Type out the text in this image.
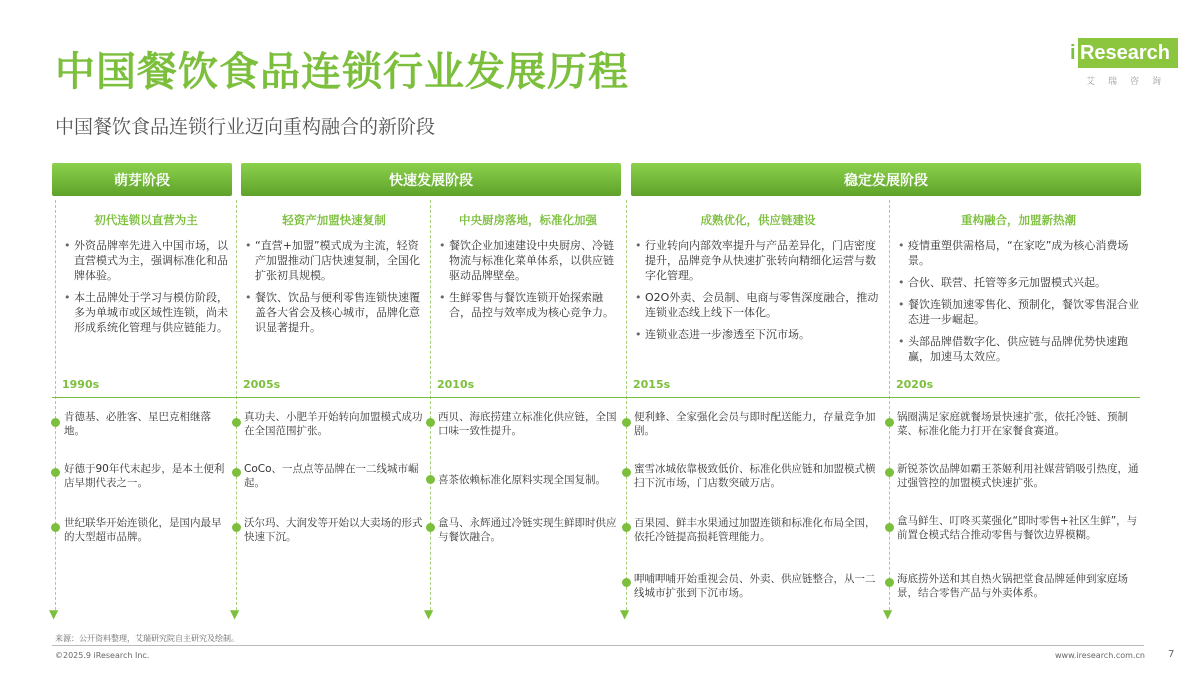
中国餐饮食品连锁行业发展历程
中国餐饮食品连锁行业迈向重构融合的新阶段
i Research
艾瑞咨询
萌芽阶段	快速发展阶段	稳定发展阶段
▼	▼	▼	▼	▼
初代连锁以直营为主
• 外资品牌率先进入中国市场，以直营模式为主，强调标准化和品牌体验。
• 本土品牌处于学习与模仿阶段，多为单城市或区域性连锁，尚未形成系统化管理与供应链能力。
轻资产加盟快速复制
• “直营+加盟”模式成为主流，轻资产加盟推动门店快速复制，全国化扩张初具规模。
• 餐饮、饮品与便利零售连锁快速覆盖各大省会及核心城市，品牌化意识显著提升。
中央厨房落地，标准化加强
• 餐饮企业加速建设中央厨房、冷链物流与标准化菜单体系，以供应链驱动品牌壁垒。
• 生鲜零售与餐饮连锁开始探索融合，品控与效率成为核心竞争力。
成熟优化，供应链建设
• 行业转向内部效率提升与产品差异化，门店密度提升，品牌竞争从快速扩张转向精细化运营与数字化管理。
• O2O外卖、会员制、电商与零售深度融合，推动连锁业态线上线下一体化。
• 连锁业态进一步渗透至下沉市场。
重构融合，加盟新热潮
• 疫情重塑供需格局，“在家吃”成为核心消费场景。
• 合伙、联营、托管等多元加盟模式兴起。
• 餐饮连锁加速零售化、预制化，餐饮零售混合业态进一步崛起。
• 头部品牌借数字化、供应链与品牌优势快速跑赢，加速马太效应。
1990s	2005s	2010s	2015s	2020s
肯德基、必胜客、星巴克相继落地。
好德于90年代末起步，是本土便利店早期代表之一。
世纪联华开始连锁化，是国内最早的大型超市品牌。
真功夫、小肥羊开始转向加盟模式成功在全国范围扩张。
CoCo、一点点等品牌在一二线城市崛起。
沃尔玛、大润发等开始以大卖场的形式快速下沉。
西贝、海底捞建立标准化供应链，全国口味一致性提升。
喜茶依赖标准化原料实现全国复制。
盒马、永辉通过冷链实现生鲜即时供应与餐饮融合。
便利蜂、全家强化会员与即时配送能力，存量竞争加剧。
蜜雪冰城依靠极致低价、标准化供应链和加盟模式横扫下沉市场，门店数突破万店。
百果园、鲜丰水果通过加盟连锁和标准化布局全国，依托冷链提高损耗管理能力。
呷哺呷哺开始重视会员、外卖、供应链整合，从一二线城市扩张到下沉市场。
锅圈满足家庭就餐场景快速扩张，依托冷链、预制菜、标准化能力打开在家餐食赛道。
新锐茶饮品牌如霸王茶姬利用社媒营销吸引热度，通过强管控的加盟模式快速扩张。
盒马鲜生、叮咚买菜强化“即时零售+社区生鲜”，与前置仓模式结合推动零售与餐饮边界模糊。
海底捞外送和其自热火锅把堂食品牌延伸到家庭场景，结合零售产品与外卖体系。
来源：公开资料整理，艾瑞研究院自主研究及绘制。
©2025.9 iResearch Inc.	www.iresearch.com.cn 7
